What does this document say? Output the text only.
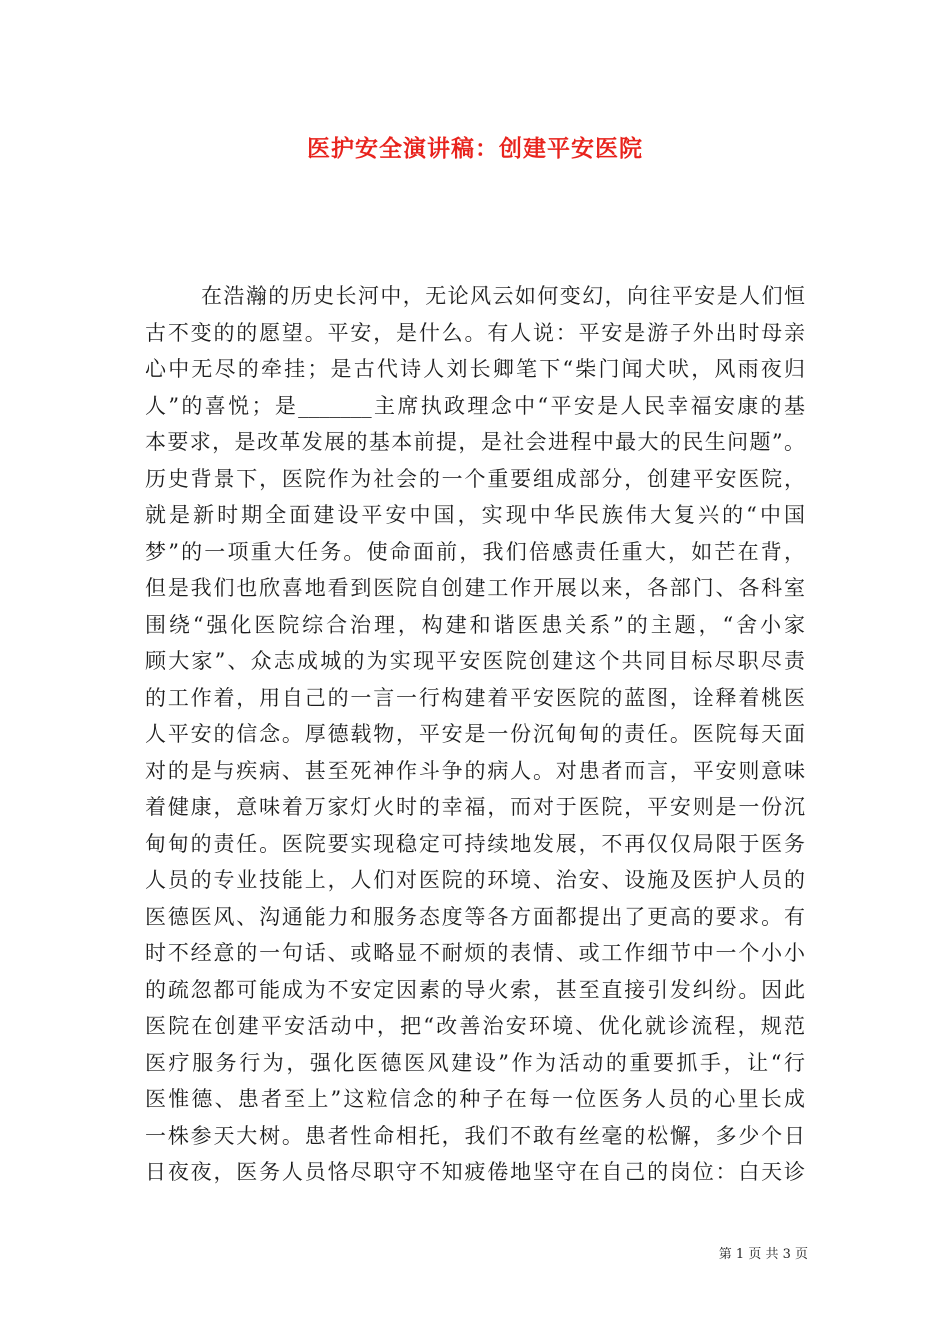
医护安全演讲稿：创建平安医院
在浩瀚的历史长河中，无论风云如何变幻，向往平安是人们恒
古不变的的愿望。平安，是什么。有人说：平安是游子外出时母亲
心中无尽的牵挂；是古代诗人刘长卿笔下“柴门闻犬吠，风雨夜归
人”的喜悦；是_______主席执政理念中“平安是人民幸福安康的基
本要求，是改革发展的基本前提，是社会进程中最大的民生问题”。
历史背景下，医院作为社会的一个重要组成部分，创建平安医院，
就是新时期全面建设平安中国，实现中华民族伟大复兴的“中国
梦”的一项重大任务。使命面前，我们倍感责任重大，如芒在背，
但是我们也欣喜地看到医院自创建工作开展以来，各部门、各科室
围绕“强化医院综合治理，构建和谐医患关系”的主题，“舍小家
顾大家”、众志成城的为实现平安医院创建这个共同目标尽职尽责
的工作着，用自己的一言一行构建着平安医院的蓝图，诠释着桃医
人平安的信念。厚德载物，平安是一份沉甸甸的责任。医院每天面
对的是与疾病、甚至死神作斗争的病人。对患者而言，平安则意味
着健康，意味着万家灯火时的幸福，而对于医院，平安则是一份沉
甸甸的责任。医院要实现稳定可持续地发展，不再仅仅局限于医务
人员的专业技能上，人们对医院的环境、治安、设施及医护人员的
医德医风、沟通能力和服务态度等各方面都提出了更高的要求。有
时不经意的一句话、或略显不耐烦的表情、或工作细节中一个小小
的疏忽都可能成为不安定因素的导火索，甚至直接引发纠纷。因此
医院在创建平安活动中，把“改善治安环境、优化就诊流程，规范
医疗服务行为，强化医德医风建设”作为活动的重要抓手，让“行
医惟德、患者至上”这粒信念的种子在每一位医务人员的心里长成
一株参天大树。患者性命相托，我们不敢有丝毫的松懈，多少个日
日夜夜，医务人员恪尽职守不知疲倦地坚守在自己的岗位：白天诊
第 1 页 共 3 页
